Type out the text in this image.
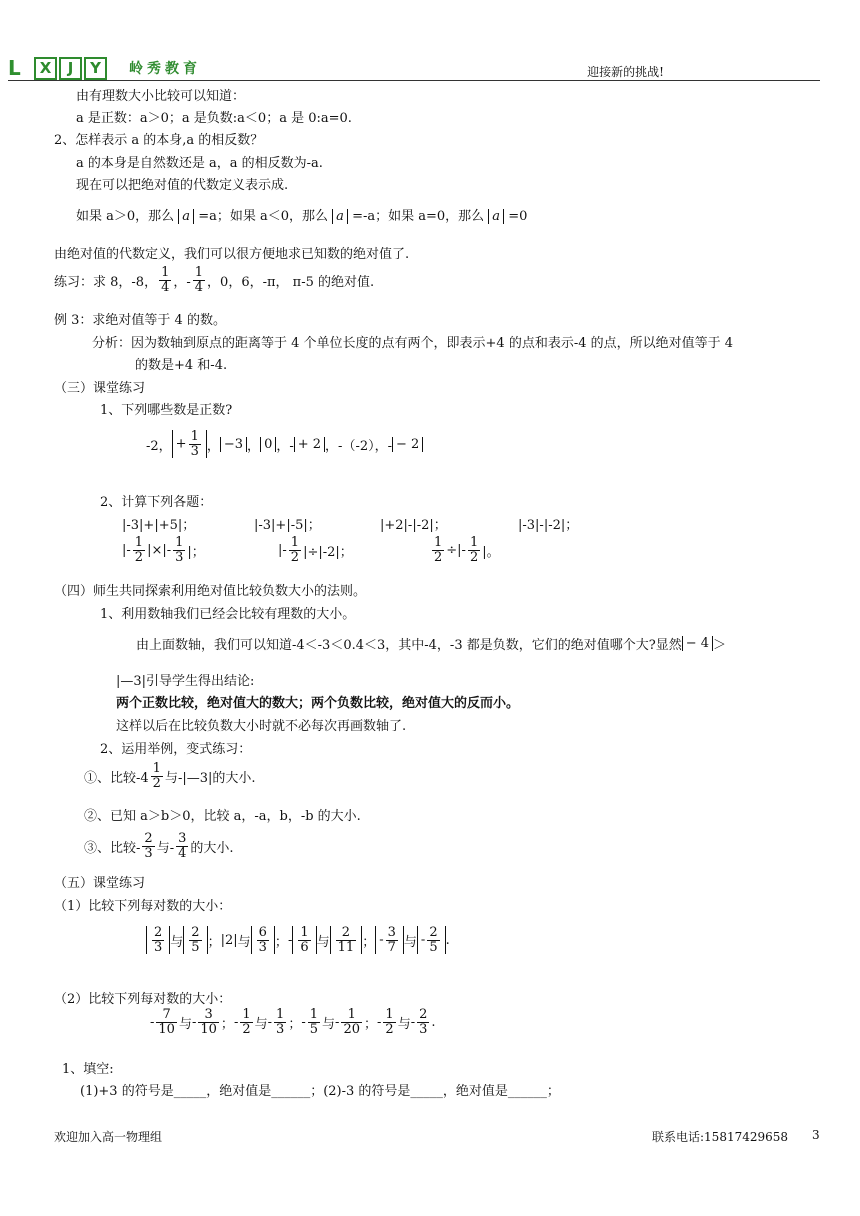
L	X	J	Y	岭秀教育	迎接新的挑战!
由有理数大小比较可以知道：
a 是正数：a＞0；a 是负数:a＜0；a 是 0:a=0.
2、怎样表示 a 的本身,a 的相反数？
a 的本身是自然数还是 a，a 的相反数为-a.
现在可以把绝对值的代数定义表示成.
如果 a＞0，那么 a =a；如果 a＜0，那么 a =-a；如果 a=0，那么 a =0
由绝对值的代数定义，我们可以很方便地求已知数的绝对值了.
练习：求 8，-8， $\frac{1}{4}$ ，- $\frac{1}{4}$ ，0，6，-π， π-5 的绝对值.
例 3：求绝对值等于 4 的数。
分析：因为数轴到原点的距离等于 4 个单位长度的点有两个，即表示+4 的点和表示-4 的点，所以绝对值等于 4
的数是+4 和-4.
（三）课堂练习
1、下列哪些数是正数?
-2， + $\frac{1}{3}$ ， −3 ， 0 ，- + 2 ，-（-2），- − 2
2、计算下列各题：
|-3|+|+5|；	|-3|+|-5|；	|+2|-|-2|；	|-3|-|-2|；
|- $\frac{1}{2}$ |×|- $\frac{1}{3}$ |；	|- $\frac{1}{2} |\div|-2|$；	$\frac{1}{2}$ ÷|- $\frac{1}{2}$ |。
（四）师生共同探索利用绝对值比较负数大小的法则。
1、利用数轴我们已经会比较有理数的大小。
由上面数轴，我们可以知道-4＜-3＜0.4＜3，其中-4，-3 都是负数，它们的绝对值哪个大?显然 − 4 ＞
|—3|引导学生得出结论:
两个正数比较，绝对值大的数大；两个负数比较，绝对值大的反而小。
这样以后在比较负数大小时就不必每次再画数轴了.
2、运用举例，变式练习：
①、比较$-4 \frac{1}{2}$ 与-|—3|的大小.
②、已知 a＞b＞0，比较 a，-a，b，-b 的大小.
③、比较- $\frac{2}{3}$ 与- $\frac{3}{4}$ 的大小.
（五）课堂练习
（1）比较下列每对数的大小：
$\frac{2}{3}$ 与 $\frac{2}{5}$ ； |2| 与 $\frac{6}{3}$ ； - $\frac{1}{6}$ 与 $\frac{2}{11}$ ； - $\frac{3}{7}$ 与 - $\frac{2}{5}$ .
（2）比较下列每对数的大小：
- $\frac{7}{10}$ 与 - $\frac{3}{10}$ ； - $\frac{1}{2}$ 与 - $\frac{1}{3}$ ； - $\frac{1}{5}$ 与 - $\frac{1}{20}$ ； - $\frac{1}{2}$ 与 - $\frac{2}{3}$ .
1、填空:
(1)+3 的符号是_____，绝对值是______；(2)-3 的符号是_____，绝对值是______；
欢迎加入高一物理组	联系电话:15817429658 3
